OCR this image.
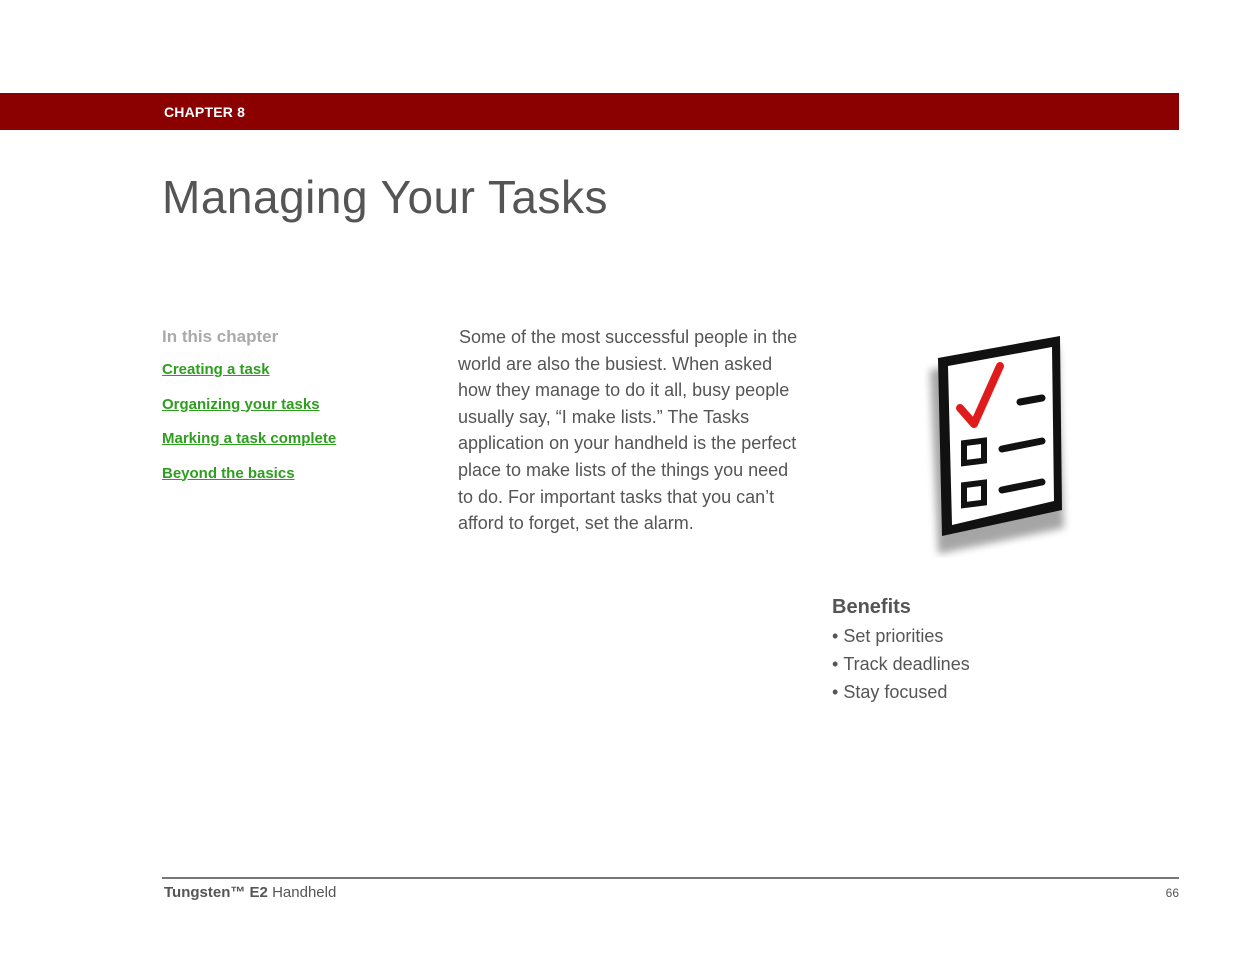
CHAPTER 8
Managing Your Tasks
In this chapter
Creating a task
Organizing your tasks
Marking a task complete
Beyond the basics

Some of the most successful people in the world are also the busiest. When asked how they manage to do it all, busy people usually say, “I make lists.” The Tasks application on your handheld is the perfect place to make lists of the things you need to do. For important tasks that you can’t afford to forget, set the alarm.

Benefits
• Set priorities
• Track deadlines
• Stay focused
Tungsten™ E2 Handheld	66
